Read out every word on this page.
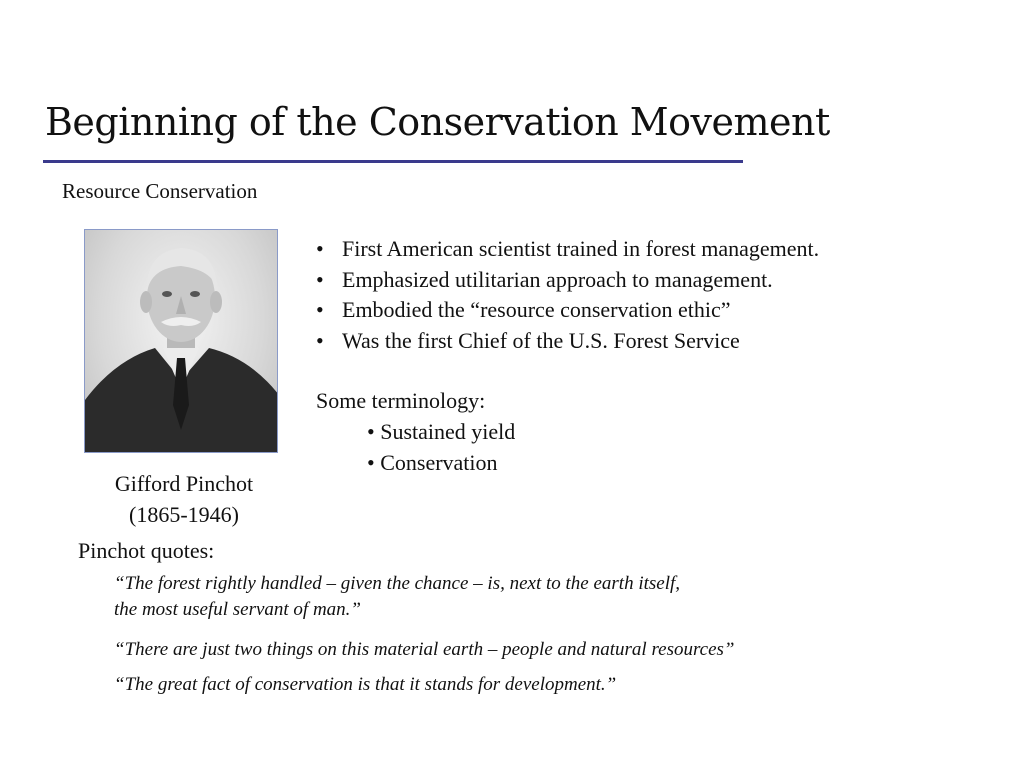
Beginning of the Conservation Movement
Resource Conservation
• First American scientist trained in forest management.
• Emphasized utilitarian approach to management.
• Embodied the “resource conservation ethic”
• Was the first Chief of the U.S. Forest Service
Some terminology:
• Sustained yield
• Conservation
Gifford Pinchot
(1865-1946)
Pinchot quotes:
“The forest rightly handled – given the chance – is, next to the earth itself,
the most useful servant of man.”
“There are just two things on this material earth – people and natural resources”
“The great fact of conservation is that it stands for development.”
